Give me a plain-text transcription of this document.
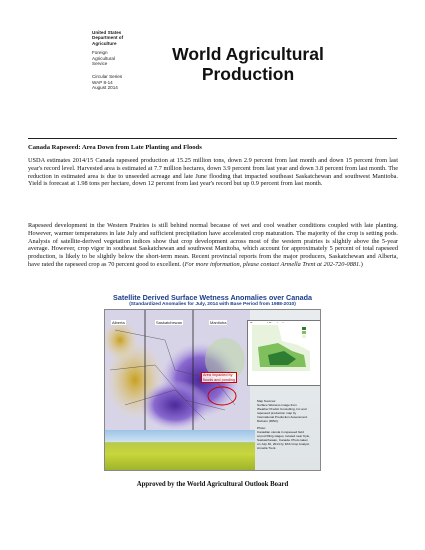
United States
Department of
Agriculture
Foreign
Agricultural
Service
Circular Series
WAP 8-14
August 2014
World Agricultural
Production
Canada Rapeseed: Area Down from Late Planting and Floods
USDA estimates 2014/15 Canada rapeseed production at 15.25 million tons, down 2.9 percent from last month and down 15 percent from last year's record level. Harvested area is estimated at 7.7 million hectares, down 3.9 percent from last year and down 3.8 percent from last month. The reduction in estimated area is due to unseeded acreage and late June flooding that impacted southeast Saskatchewan and southwest Manitoba. Yield is forecast at 1.98 tons per hectare, down 12 percent from last year's record but up 0.9 percent from last month.
Rapeseed development in the Western Prairies is still behind normal because of wet and cool weather conditions coupled with late planting. However, warmer temperatures in late July and sufficient precipitation have accelerated crop maturation. The majority of the crop is setting pods. Analysis of satellite-derived vegetation indices show that crop development across most of the western prairies is slightly above the 5-year average. However, crop vigor in southeast Saskatchewan and southwest Manitoba, which account for approximately 5 percent of total rapeseed production, is likely to be slightly below the short-term mean. Recent provincial reports from the major producers, Saskatchewan and Alberta, have rated the rapeseed crop as 70 percent good to excellent. (For more information, please contact Armella Trent at 202-720-0881.)
Satellite Derived Surface Wetness Anomalies over Canada
(Standardized Anomalies for July, 2014 with Base Period from 1988-2010)
Alberta	Saskatchewan	Manitoba
Area impacted by
floods and ponding
Map Sources:
Surface Wetness image from
Weather Predict Consulting, Inc and
rapeseed production map by
International Production Assessment
Division (IPAD).
Photo:
Canadian canola in rapeseed field
at pod filling stages, located near Kyle,
Saskatchewan, Canada. Photo taken
on July 30, 2014 by FAS Crop Analyst,
Armella Trent.
Approved by the World Agricultural Outlook Board
